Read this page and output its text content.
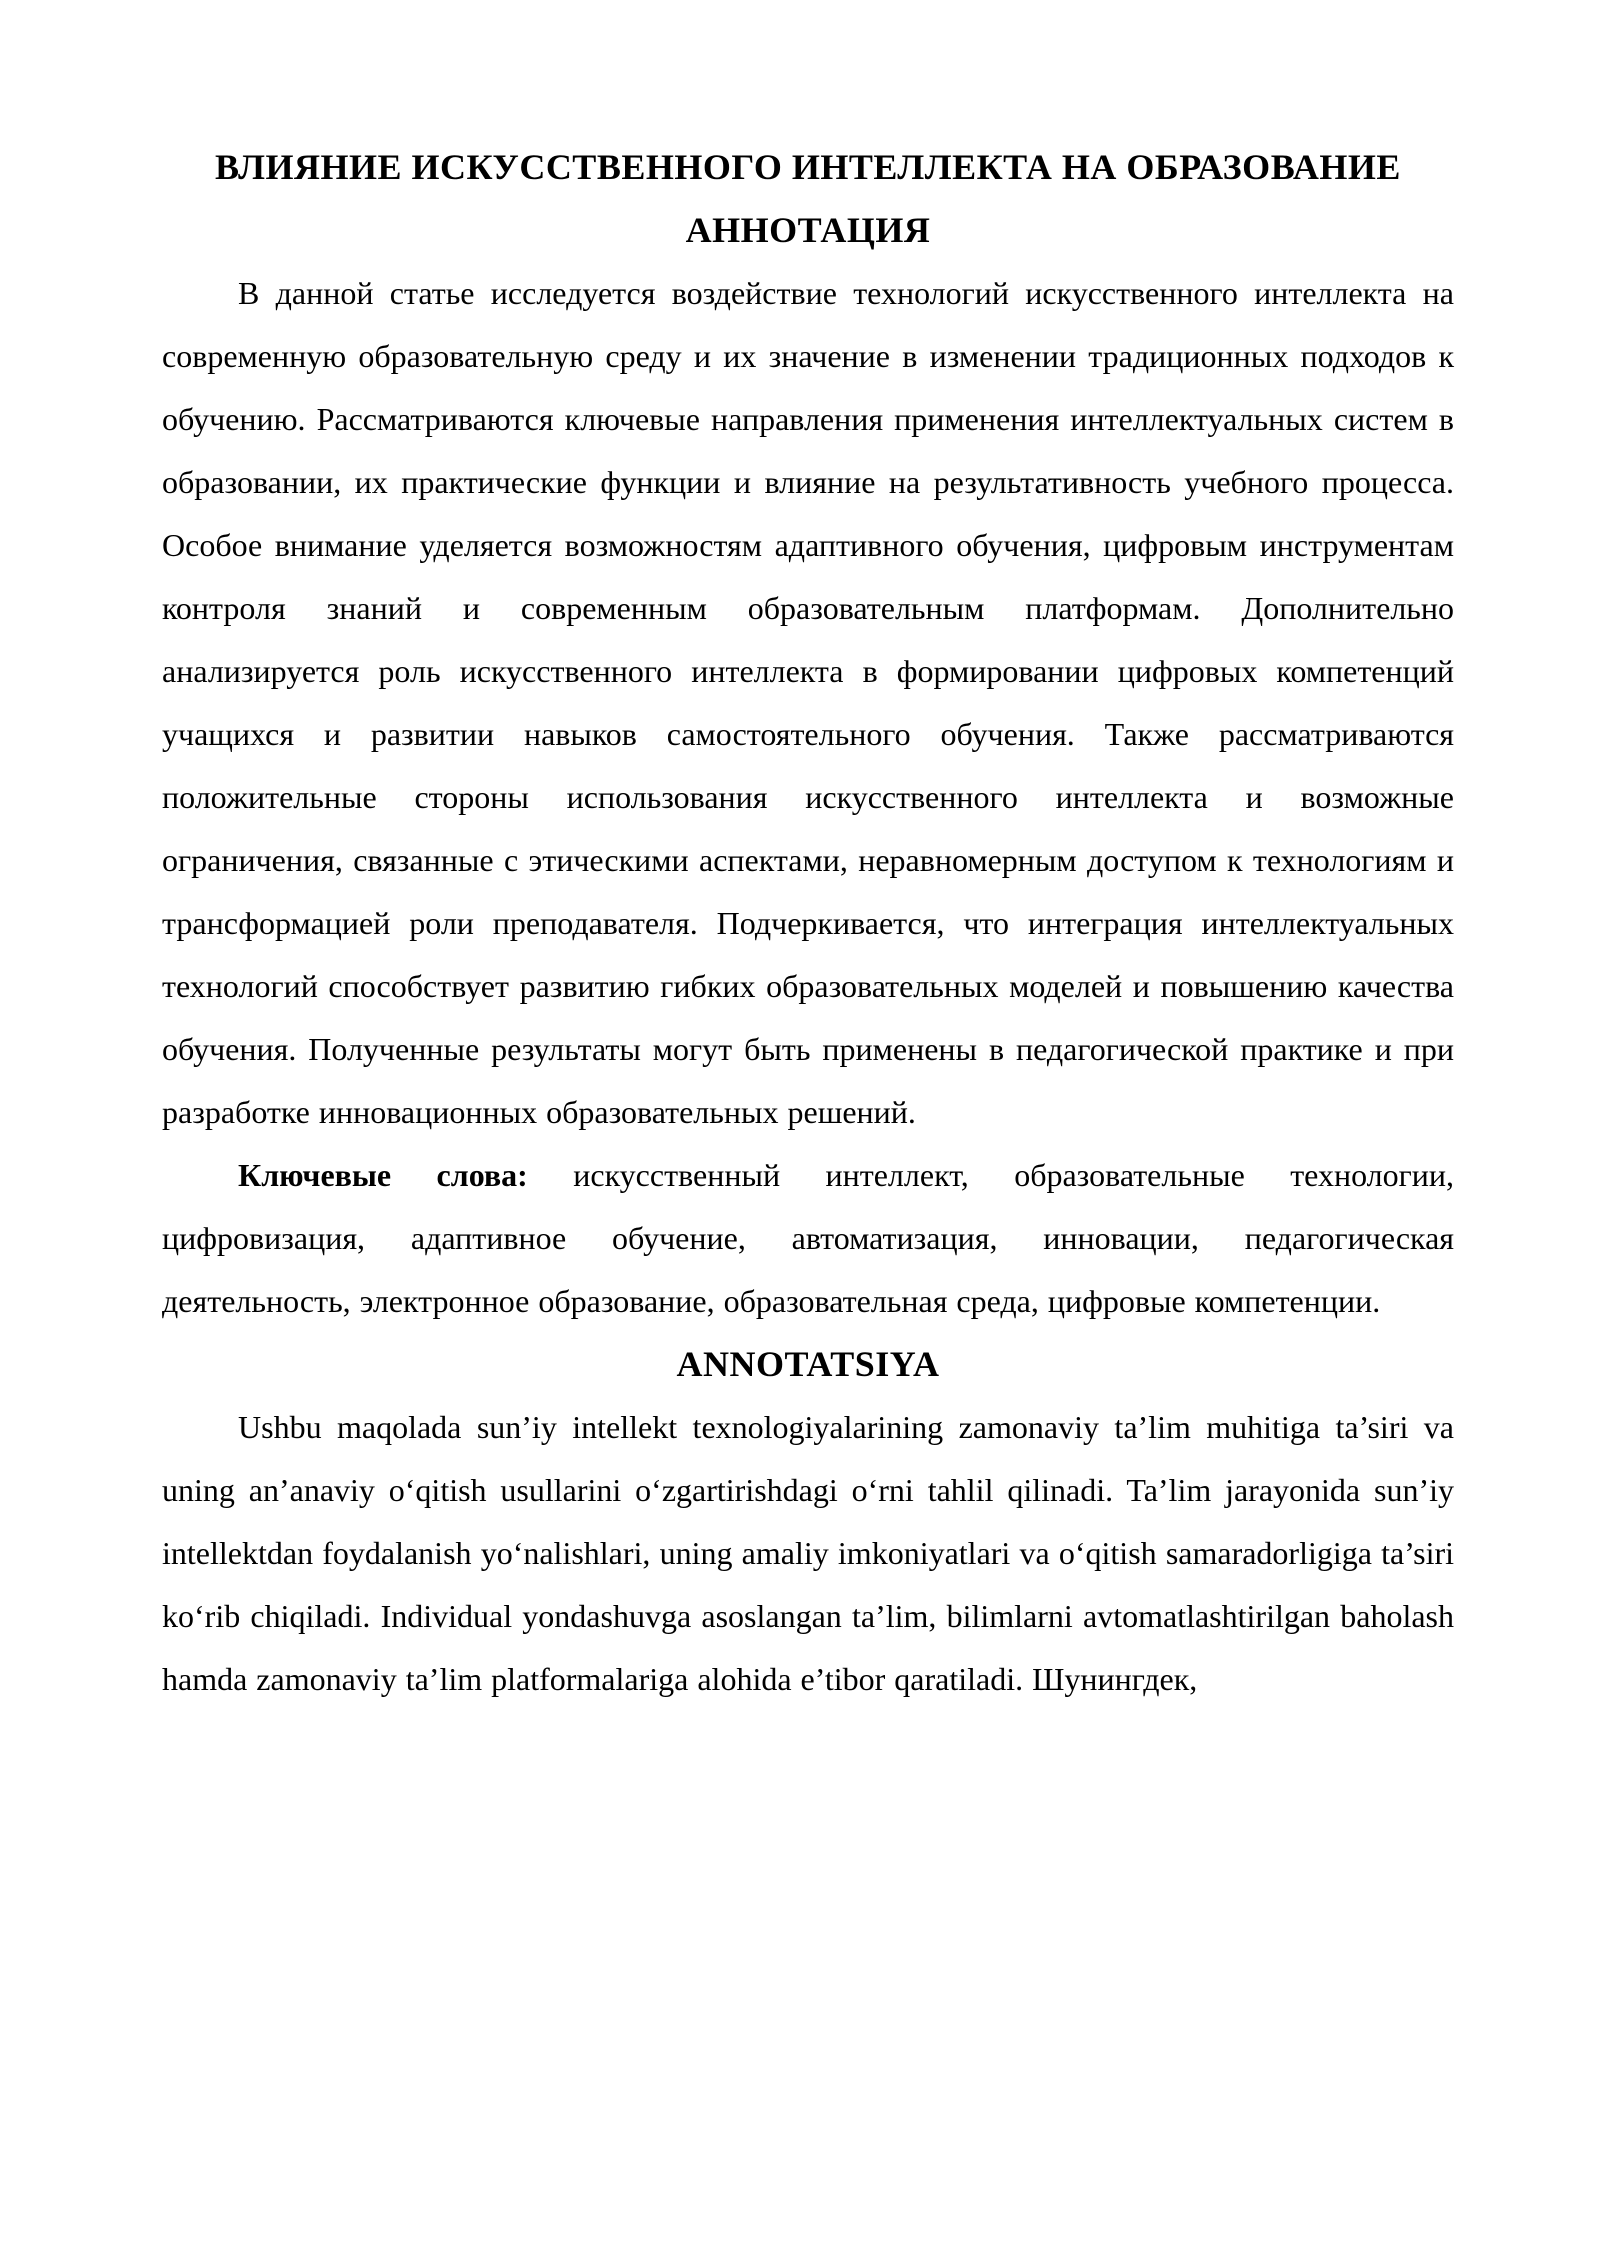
ВЛИЯНИЕ ИСКУССТВЕННОГО ИНТЕЛЛЕКТА НА ОБРАЗОВАНИЕ
АННОТАЦИЯ

В данной статье исследуется воздействие технологий искусственного интеллекта на современную образовательную среду и их значение в изменении традиционных подходов к обучению. Рассматриваются ключевые направления применения интеллектуальных систем в образовании, их практические функции и влияние на результативность учебного процесса. Особое внимание уделяется возможностям адаптивного обучения, цифровым инструментам контроля знаний и современным образовательным платформам. Дополнительно анализируется роль искусственного интеллекта в формировании цифровых компетенций учащихся и развитии навыков самостоятельного обучения. Также рассматриваются положительные стороны использования искусственного интеллекта и возможные ограничения, связанные с этическими аспектами, неравномерным доступом к технологиям и трансформацией роли преподавателя. Подчеркивается, что интеграция интеллектуальных технологий способствует развитию гибких образовательных моделей и повышению качества обучения. Полученные результаты могут быть применены в педагогической практике и при разработке инновационных образовательных решений.

Ключевые слова: искусственный интеллект, образовательные технологии, цифровизация, адаптивное обучение, автоматизация, инновации, педагогическая деятельность, электронное образование, образовательная среда, цифровые компетенции.

ANNOTATSIYA

Ushbu maqolada sun’iy intellekt texnologiyalarining zamonaviy ta’lim muhitiga ta’siri va uning an’anaviy o‘qitish usullarini o‘zgartirishdagi o‘rni tahlil qilinadi. Ta’lim jarayonida sun’iy intellektdan foydalanish yo‘nalishlari, uning amaliy imkoniyatlari va o‘qitish samaradorligiga ta’siri ko‘rib chiqiladi. Individual yondashuvga asoslangan ta’lim, bilimlarni avtomatlashtirilgan baholash hamda zamonaviy ta’lim platformalariga alohida e’tibor qaratiladi. Шунингдек,
